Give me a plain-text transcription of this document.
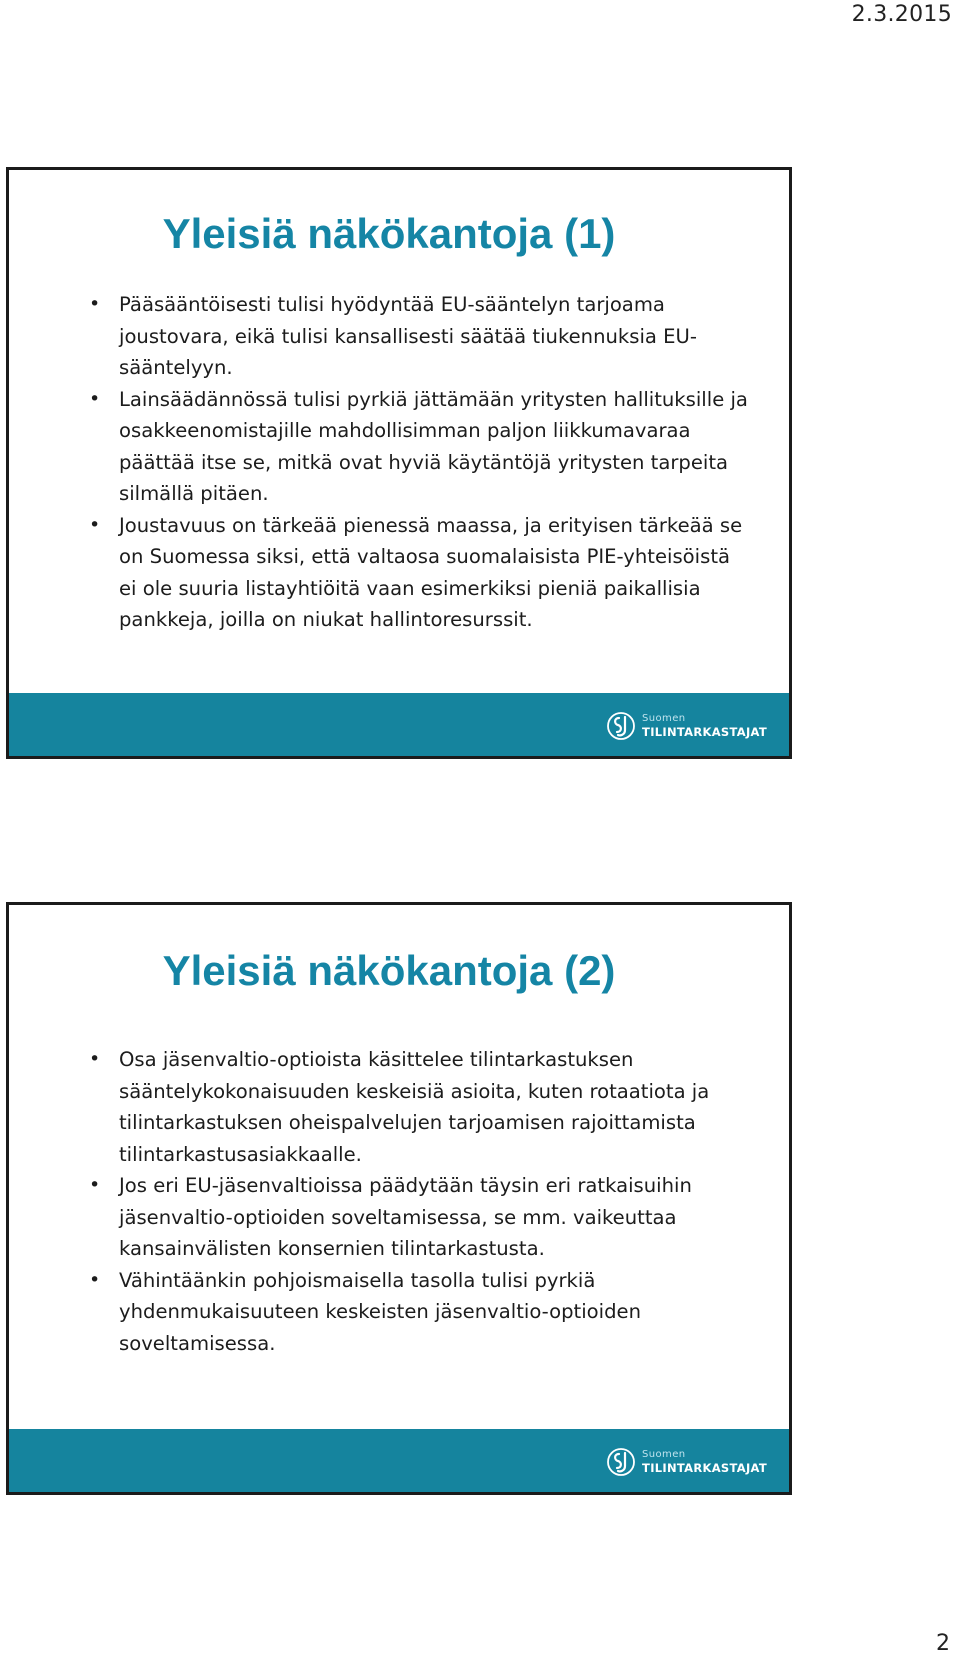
2.3.2015
Yleisiä näkökantoja (1)
• Pääsääntöisesti tulisi hyödyntää EU-sääntelyn tarjoama joustovara, eikä tulisi kansallisesti säätää tiukennuksia EU-sääntelyyn.
• Lainsäädännössä tulisi pyrkiä jättämään yritysten hallituksille ja osakkeenomistajille mahdollisimman paljon liikkumavaraa päättää itse se, mitkä ovat hyviä käytäntöjä yritysten tarpeita silmällä pitäen.
• Joustavuus on tärkeää pienessä maassa, ja erityisen tärkeää se on Suomessa siksi, että valtaosa suomalaisista PIE-yhteisöistä ei ole suuria listayhtiöitä vaan esimerkiksi pieniä paikallisia pankkeja, joilla on niukat hallintoresurssit.
Suomen
TILINTARKASTAJAT
Yleisiä näkökantoja (2)
• Osa jäsenvaltio-optioista käsittelee tilintarkastuksen sääntelykokonaisuuden keskeisiä asioita, kuten rotaatiota ja tilintarkastuksen oheispalvelujen tarjoamisen rajoittamista tilintarkastusasiakkaalle.
• Jos eri EU-jäsenvaltioissa päädytään täysin eri ratkaisuihin jäsenvaltio-optioiden soveltamisessa, se mm. vaikeuttaa kansainvälisten konsernien tilintarkastusta.
• Vähintäänkin pohjoismaisella tasolla tulisi pyrkiä yhdenmukaisuuteen keskeisten jäsenvaltio-optioiden soveltamisessa.
Suomen
TILINTARKASTAJAT
2
